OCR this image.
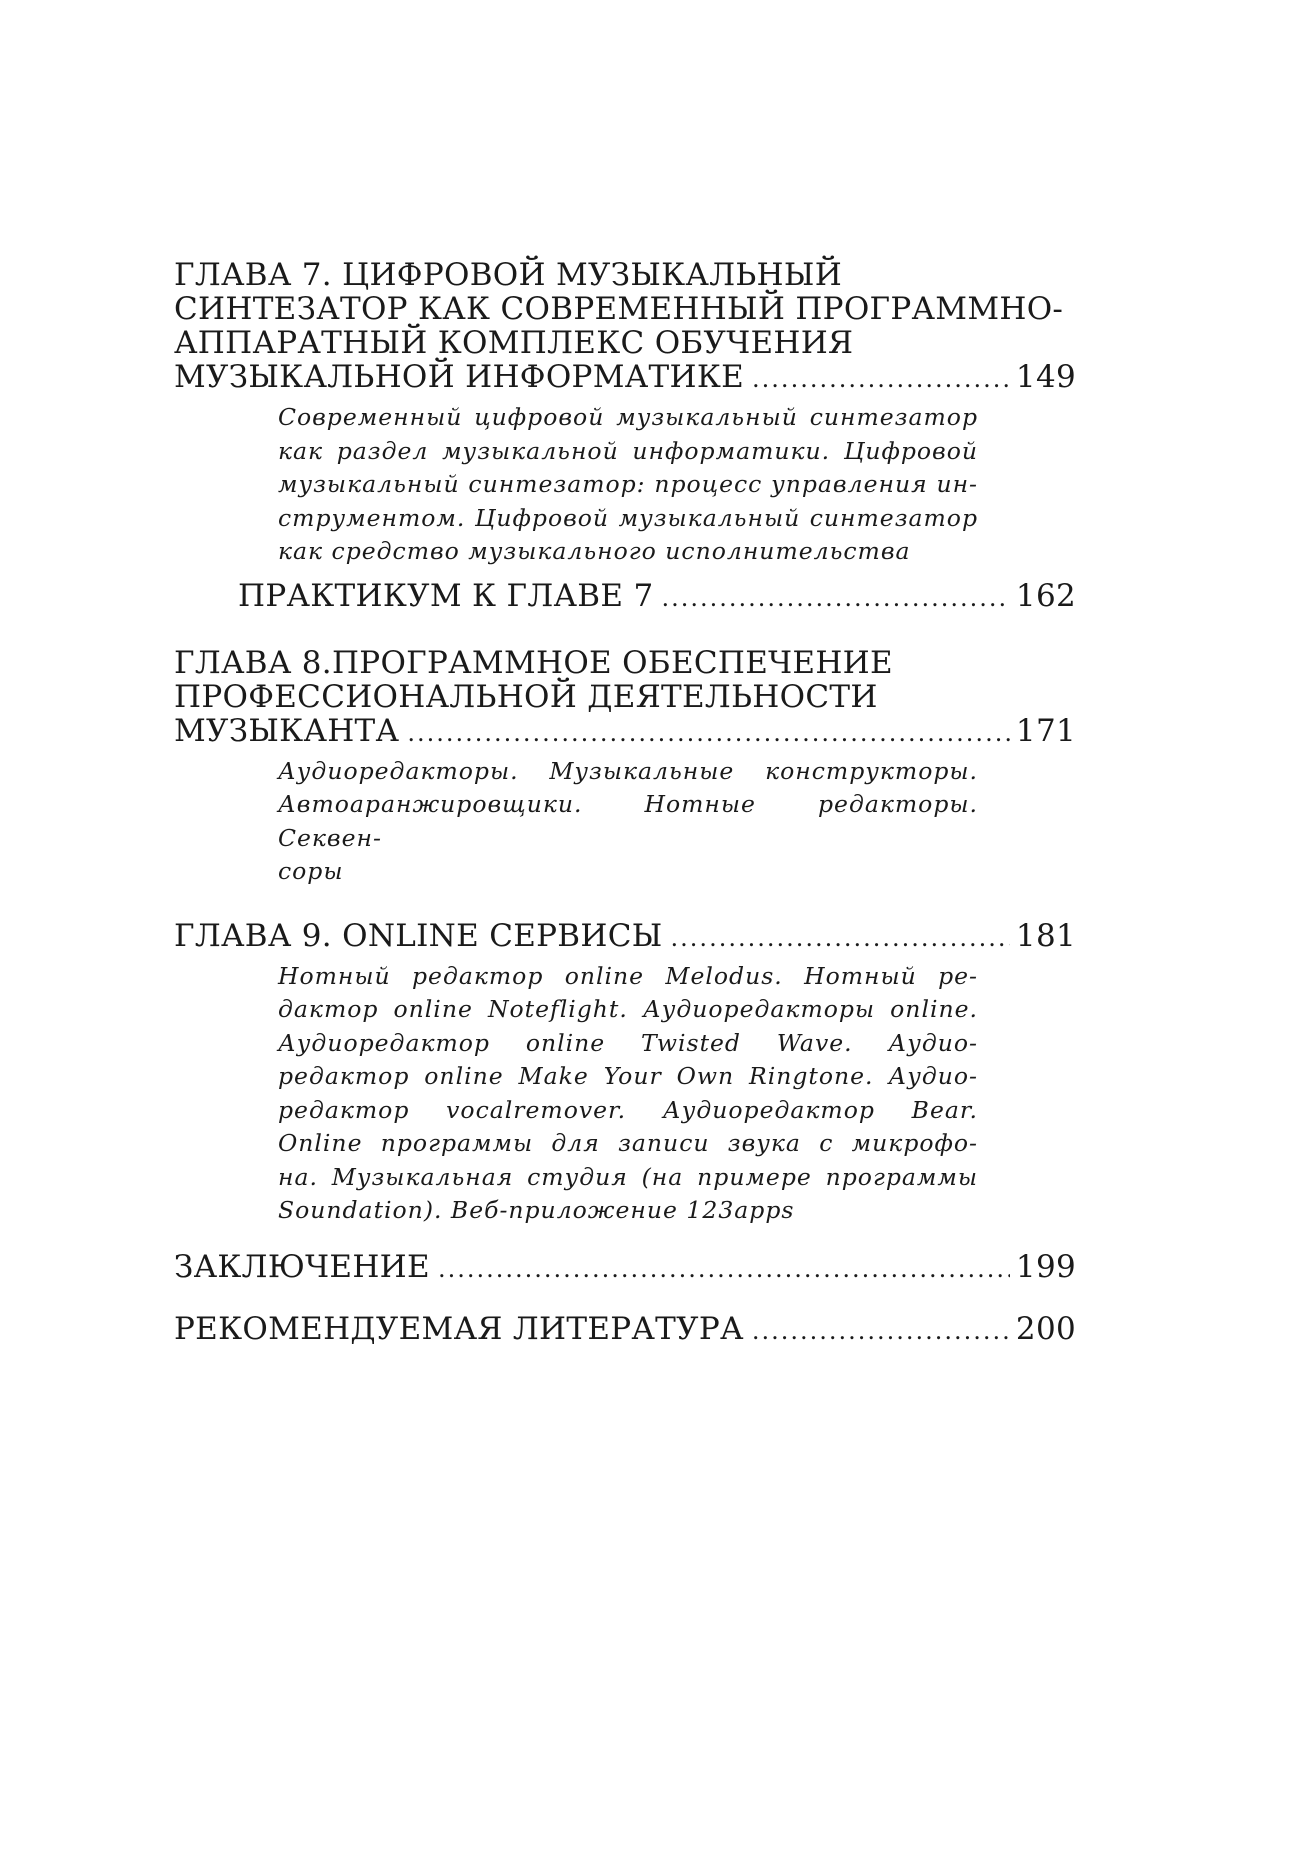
ГЛАВА 7. ЦИФРОВОЙ МУЗЫКАЛЬНЫЙ
СИНТЕЗАТОР КАК СОВРЕМЕННЫЙ ПРОГРАММНО-
АППАРАТНЫЙ КОМПЛЕКС ОБУЧЕНИЯ
МУЗЫКАЛЬНОЙ ИНФОРМАТИКЕ .....	149
Современный цифровой музыкальный синтезатор
как раздел музыкальной информатики. Цифровой
музыкальный синтезатор: процесс управления ин-
струментом. Цифровой музыкальный синтезатор
как средство музыкального исполнительства
ПРАКТИКУМ К ГЛАВЕ 7 .....	162
ГЛАВА 8.ПРОГРАММНОЕ ОБЕСПЕЧЕНИЕ
ПРОФЕССИОНАЛЬНОЙ ДЕЯТЕЛЬНОСТИ
МУЗЫКАНТА .....	171
Аудиоредакторы. Музыкальные конструкторы.
Автоаранжировщики. Нотные редакторы. Секвен-
соры
ГЛАВА 9. ONLINE СЕРВИСЫ .....	181
Нотный редактор online Melodus. Нотный ре-
дактор online Noteflight. Аудиоредакторы online.
Аудиоредактор online Twisted Wave. Аудио-
редактор online Make Your Own Ringtone. Аудио-
редактор vocalremover. Аудиоредактор Bear.
Online программы для записи звука с микрофо-
на. Музыкальная студия (на примере программы
Soundation). Веб-приложение 123apps
ЗАКЛЮЧЕНИЕ .....	199
РЕКОМЕНДУЕМАЯ ЛИТЕРАТУРА .....	200
